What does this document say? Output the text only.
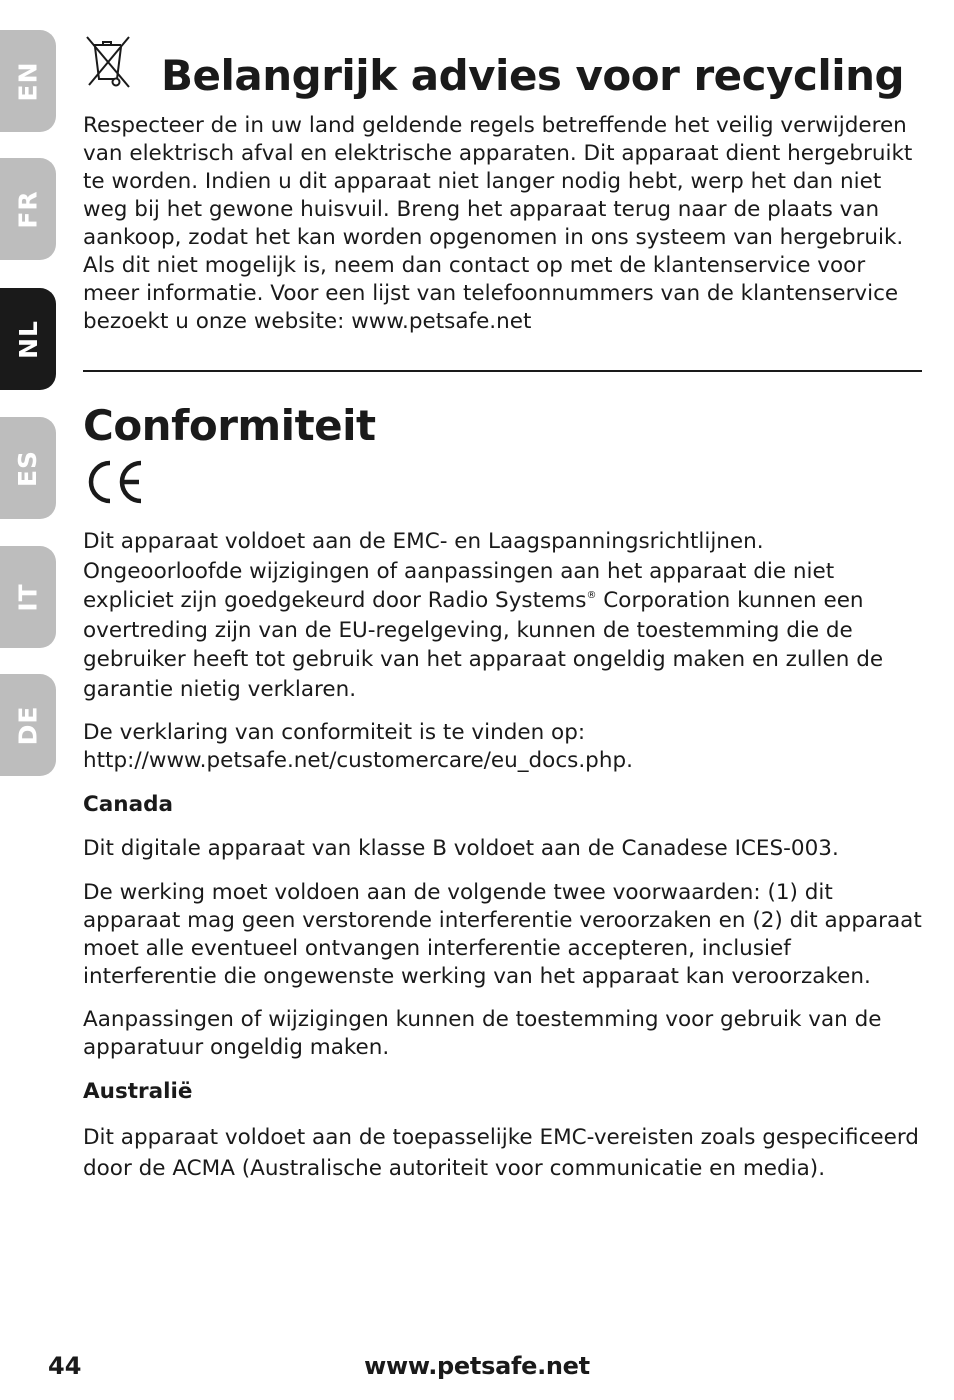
EN
FR
NL
ES
IT
DE
Belangrijk advies voor recycling

Respecteer de in uw land geldende regels betreffende het veilig verwijderen van elektrisch afval en elektrische apparaten. Dit apparaat dient hergebruikt te worden. Indien u dit apparaat niet langer nodig hebt, werp het dan niet weg bij het gewone huisvuil. Breng het apparaat terug naar de plaats van aankoop, zodat het kan worden opgenomen in ons systeem van hergebruik. Als dit niet mogelijk is, neem dan contact op met de klantenservice voor meer informatie. Voor een lijst van telefoonnummers van de klantenservice bezoekt u onze website: www.petsafe.net

Conformiteit

Dit apparaat voldoet aan de EMC- en Laagspanningsrichtlijnen. Ongeoorloofde wijzigingen of aanpassingen aan het apparaat die niet expliciet zijn goedgekeurd door Radio Systems® Corporation kunnen een overtreding zijn van de EU-regelgeving, kunnen de toestemming die de gebruiker heeft tot gebruik van het apparaat ongeldig maken en zullen de garantie nietig verklaren.

De verklaring van conformiteit is te vinden op: http://www.petsafe.net/customercare/eu_docs.php.

Canada

Dit digitale apparaat van klasse B voldoet aan de Canadese ICES-003.

De werking moet voldoen aan de volgende twee voorwaarden: (1) dit apparaat mag geen verstorende interferentie veroorzaken en (2) dit apparaat moet alle eventueel ontvangen interferentie accepteren, inclusief interferentie die ongewenste werking van het apparaat kan veroorzaken.

Aanpassingen of wijzigingen kunnen de toestemming voor gebruik van de apparatuur ongeldig maken.

Australië

Dit apparaat voldoet aan de toepasselijke EMC-vereisten zoals gespecificeerd door de ACMA (Australische autoriteit voor communicatie en media).

44	www.petsafe.net
